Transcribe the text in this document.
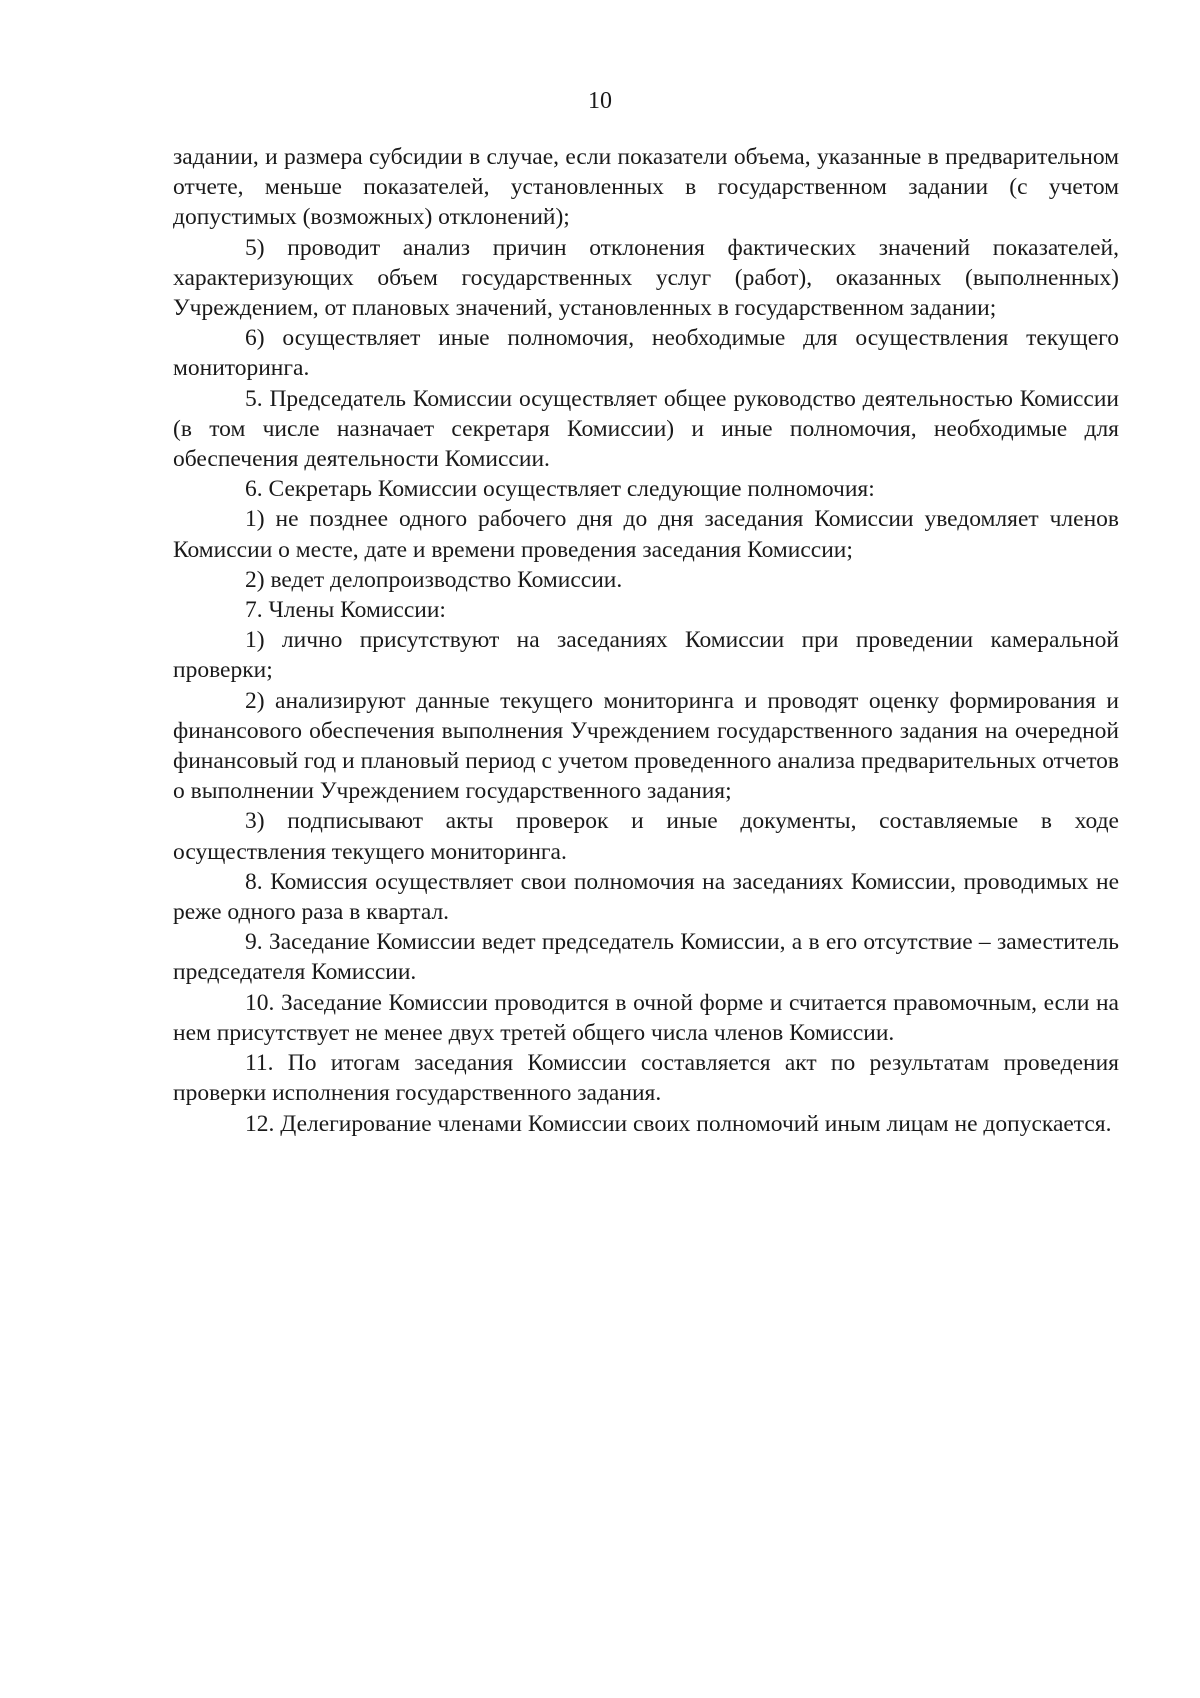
10

задании, и размера субсидии в случае, если показатели объема, указанные в предварительном отчете, меньше показателей, установленных в государственном задании (с учетом допустимых (возможных) отклонений);

5) проводит анализ причин отклонения фактических значений показателей, характеризующих объем государственных услуг (работ), оказанных (выполненных) Учреждением, от плановых значений, установленных в государственном задании;

6) осуществляет иные полномочия, необходимые для осуществления текущего мониторинга.

5. Председатель Комиссии осуществляет общее руководство деятельностью Комиссии (в том числе назначает секретаря Комиссии) и иные полномочия, необходимые для обеспечения деятельности Комиссии.

6. Секретарь Комиссии осуществляет следующие полномочия:

1) не позднее одного рабочего дня до дня заседания Комиссии уведомляет членов Комиссии о месте, дате и времени проведения заседания Комиссии;

2) ведет делопроизводство Комиссии.

7. Члены Комиссии:

1) лично присутствуют на заседаниях Комиссии при проведении камеральной проверки;

2) анализируют данные текущего мониторинга и проводят оценку формирования и финансового обеспечения выполнения Учреждением государственного задания на очередной финансовый год и плановый период с учетом проведенного анализа предварительных отчетов о выполнении Учреждением государственного задания;

3) подписывают акты проверок и иные документы, составляемые в ходе осуществления текущего мониторинга.

8. Комиссия осуществляет свои полномочия на заседаниях Комиссии, проводимых не реже одного раза в квартал.

9. Заседание Комиссии ведет председатель Комиссии, а в его отсутствие – заместитель председателя Комиссии.

10. Заседание Комиссии проводится в очной форме и считается правомочным, если на нем присутствует не менее двух третей общего числа членов Комиссии.

11. По итогам заседания Комиссии составляется акт по результатам проведения проверки исполнения государственного задания.

12. Делегирование членами Комиссии своих полномочий иным лицам не допускается.
